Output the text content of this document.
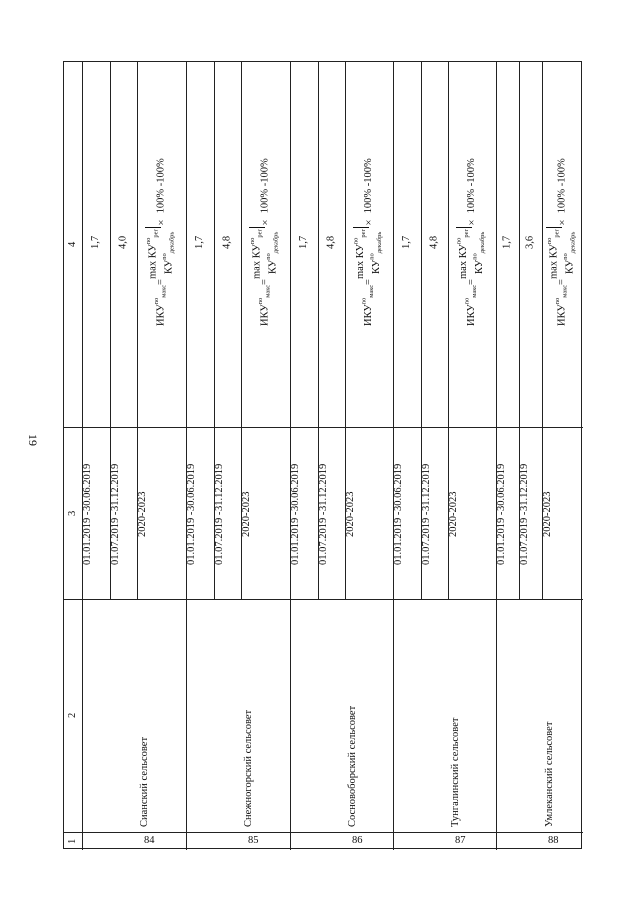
19
1
2
3
4
84
Сианский сельсовет
01.01.2019 -
30.06.2019
1,7
01.07.2019 -
31.12.2019
4,0
2020-2023
$ИКУ^{no}_{макс}$
=
$\max КУ^{no}_{per}$
$КУ^{no}_{декабрь}$
× 100% -100%
85
Снежногорский сельсовет
01.01.2019 -
30.06.2019
1,7
01.07.2019 -
31.12.2019
4,8
2020-2023
$ИКУ^{no}_{макс}$
=
$\max КУ^{no}_{per}$
$КУ^{no}_{декабрь}$
× 100% -100%
86
Сосновоборский сельсовет
01.01.2019 -
30.06.2019
1,7
01.07.2019 -
31.12.2019
4,8
2020-2023
$ИКУ^{no}_{макс}$
=
$\max КУ^{no}_{per}$
$КУ^{no}_{декабрь}$
× 100% -100%
87
Тунгалинский сельсовет
01.01.2019 -
30.06.2019
1,7
01.07.2019 -
31.12.2019
4,8
2020-2023
$ИКУ^{no}_{макс}$
=
$\max КУ^{no}_{per}$
$КУ^{no}_{декабрь}$
× 100% -100%
88
Умлеканский сельсовет
01.01.2019 -
30.06.2019
1,7
01.07.2019 -
31.12.2019
3,6
2020-2023
$ИКУ^{no}_{макс}$
=
$\max КУ^{no}_{per}$
$КУ^{no}_{декабрь}$
× 100% -100%
